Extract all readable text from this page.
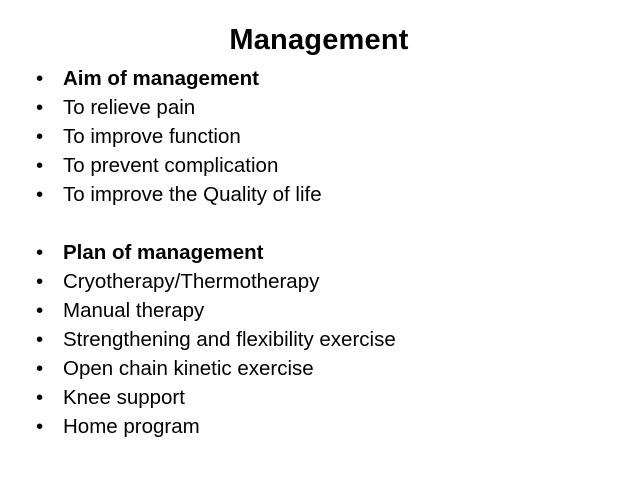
Management
• Aim of management
• To relieve pain
• To improve function
• To prevent complication
• To improve the Quality of life
• Plan of management
• Cryotherapy/Thermotherapy
• Manual therapy
• Strengthening and flexibility exercise
• Open chain kinetic exercise
• Knee support
• Home program
